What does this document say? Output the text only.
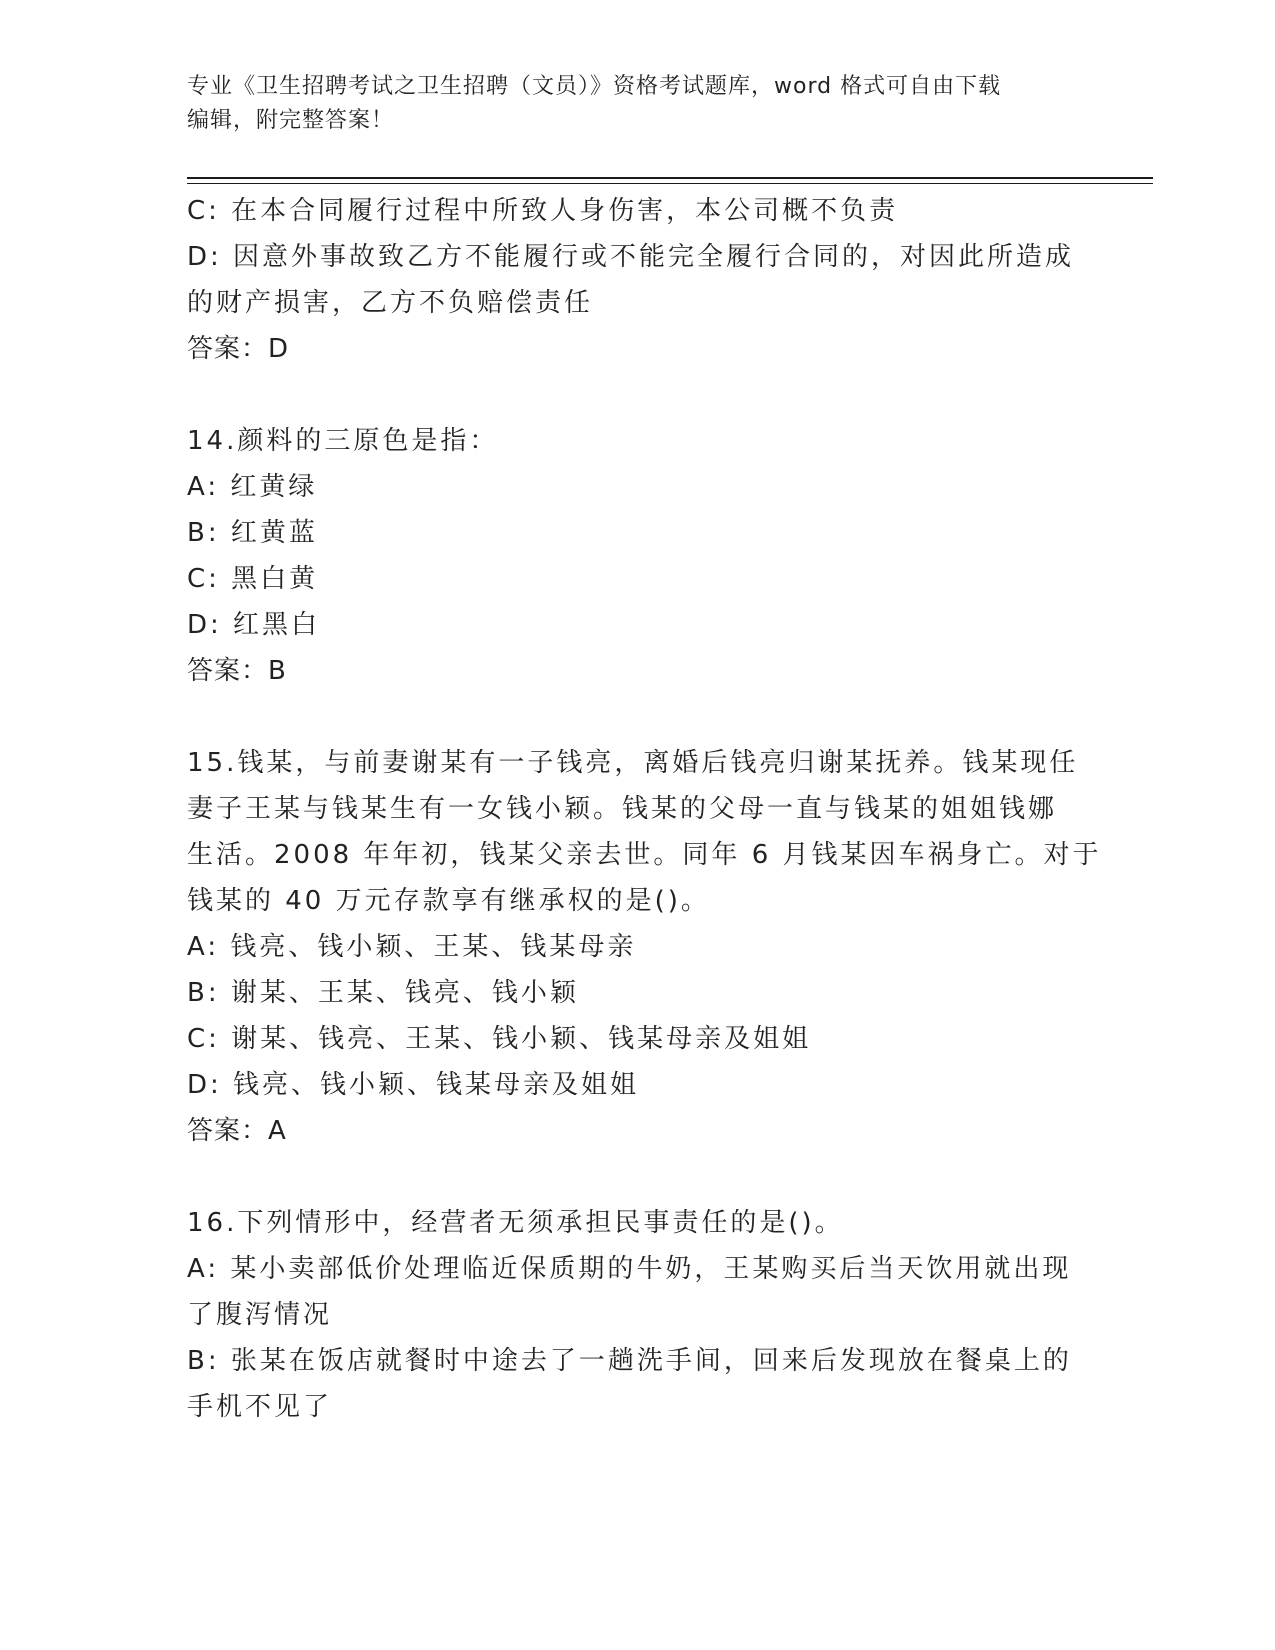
专业《卫生招聘考试之卫生招聘（文员）》资格考试题库，word 格式可自由下载
编辑，附完整答案！
C: 在本合同履行过程中所致人身伤害，本公司概不负责
D: 因意外事故致乙方不能履行或不能完全履行合同的，对因此所造成
的财产损害，乙方不负赔偿责任
答案：D
14.颜料的三原色是指：
A: 红黄绿
B: 红黄蓝
C: 黑白黄
D: 红黑白
答案：B
15.钱某，与前妻谢某有一子钱亮，离婚后钱亮归谢某抚养。钱某现任
妻子王某与钱某生有一女钱小颖。钱某的父母一直与钱某的姐姐钱娜
生活。2008 年年初，钱某父亲去世。同年 6 月钱某因车祸身亡。对于
钱某的 40 万元存款享有继承权的是()。
A: 钱亮、钱小颖、王某、钱某母亲
B: 谢某、王某、钱亮、钱小颖
C: 谢某、钱亮、王某、钱小颖、钱某母亲及姐姐
D: 钱亮、钱小颖、钱某母亲及姐姐
答案：A
16.下列情形中，经营者无须承担民事责任的是()。
A: 某小卖部低价处理临近保质期的牛奶，王某购买后当天饮用就出现
了腹泻情况
B: 张某在饭店就餐时中途去了一趟洗手间，回来后发现放在餐桌上的
手机不见了
